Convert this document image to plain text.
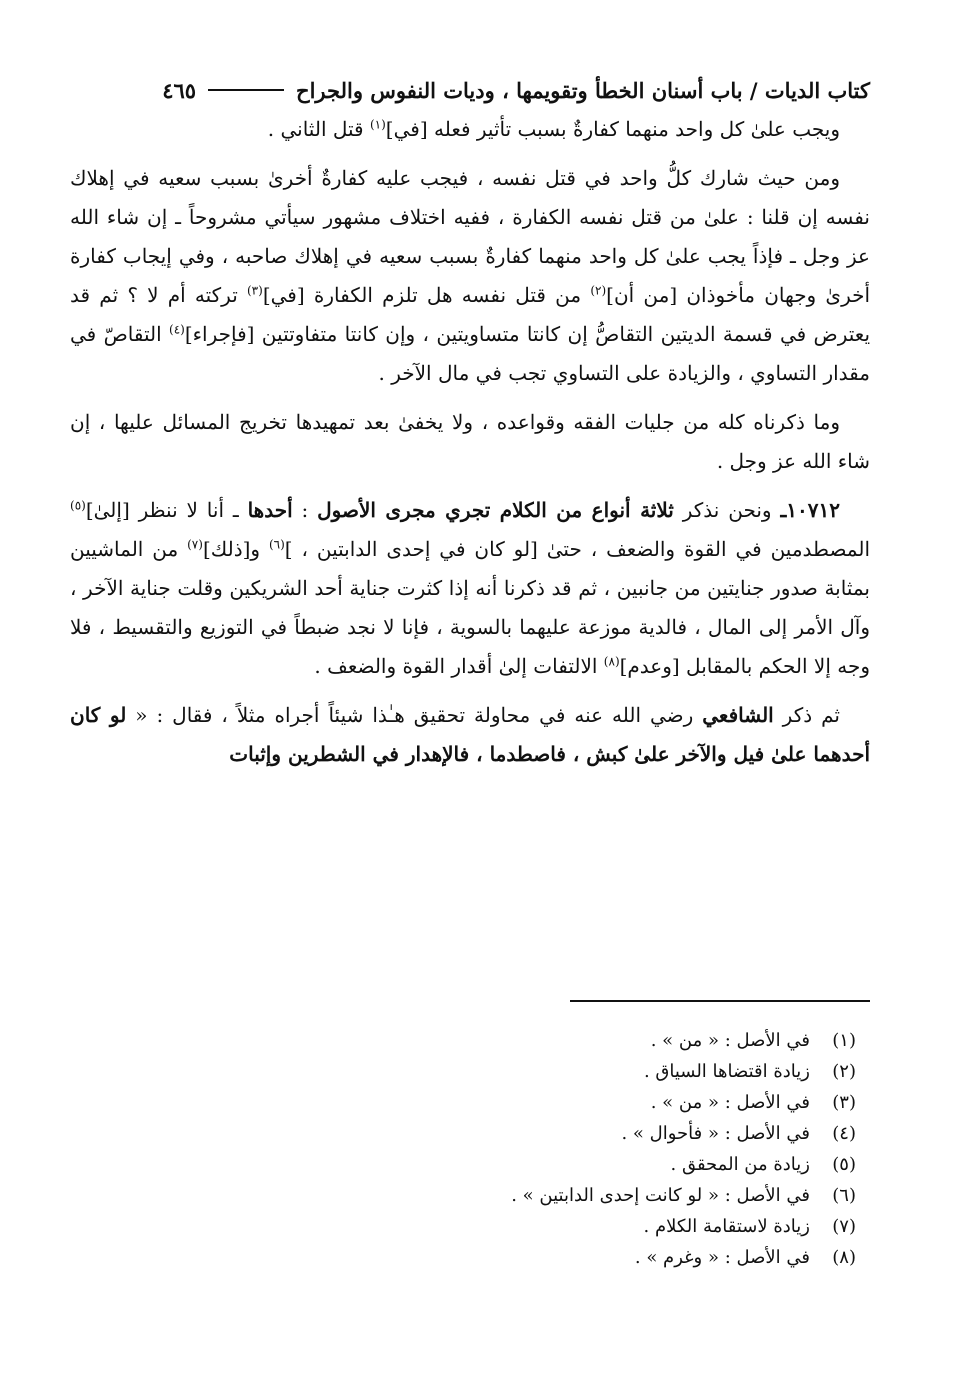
كتاب الديات / باب أسنان الخطأ وتقويمها ، وديات النفوس والجراح
٤٦٥

ويجب علىٰ كل واحد منهما كفارةٌ بسبب تأثير فعله [في]$^{(١)}$ قتل الثاني .

ومن حيث شارك كلُّ واحد في قتل نفسه ، فيجب عليه كفارةٌ أخرىٰ بسبب سعيه في إهلاك نفسه إن قلنا : علىٰ من قتل نفسه الكفارة ، ففيه اختلاف مشهور سيأتي مشروحاً ـ إن شاء الله عز وجل ـ فإذاً يجب علىٰ كل واحد منهما كفارةٌ بسبب سعيه في إهلاك صاحبه ، وفي إيجاب كفارة أخرىٰ وجهان مأخوذان [من أن]$^{(٢)}$ من قتل نفسه هل تلزم الكفارة [في]$^{(٣)}$ تركته أم لا ؟ ثم قد يعترض في قسمة الديتين التقاصُّ إن كانتا متساويتين ، وإن كانتا متفاوتتين [فإجراء]$^{(٤)}$ التقاصّ في مقدار التساوي ، والزيادة على التساوي تجب في مال الآخر .

وما ذكرناه كله من جليات الفقه وقواعده ، ولا يخفىٰ بعد تمهيدها تخريج المسائل عليها ، إن شاء الله عز وجل .

١٠٧١٢ـ ونحن نذكر ثلاثة أنواع من الكلام تجري مجرى الأصول : أحدها ـ أنا لا ننظر [إلىٰ]$^{(٥)}$ المصطدمين في القوة والضعف ، حتىٰ [لو كان في إحدى الدابتين ، ]$^{(٦)}$ و[ذلك]$^{(٧)}$ من الماشيين بمثابة صدور جنايتين من جانبين ، ثم قد ذكرنا أنه إذا كثرت جناية أحد الشريكين وقلت جناية الآخر ، وآل الأمر إلى المال ، فالدية موزعة عليهما بالسوية ، فإنا لا نجد ضبطاً في التوزيع والتقسيط ، فلا وجه إلا الحكم بالمقابل [وعدم]$^{(٨)}$ الالتفات إلىٰ أقدار القوة والضعف .

ثم ذكر الشافعي رضي الله عنه في محاولة تحقيق هـٰذا شيئاً أجراه مثلاً ، فقال : « لو كان أحدهما علىٰ فيل والآخر علىٰ كبش ، فاصطدما ، فالإهدار في الشطرين وإثبات

(١)
في الأصل : « من » .
(٢)
زيادة اقتضاها السياق .
(٣)
في الأصل : « من » .
(٤)
في الأصل : « فأحوال » .
(٥)
زيادة من المحقق .
(٦)
في الأصل : « لو كانت إحدى الدابتين » .
(٧)
زيادة لاستقامة الكلام .
(٨)
في الأصل : « وغرم » .
